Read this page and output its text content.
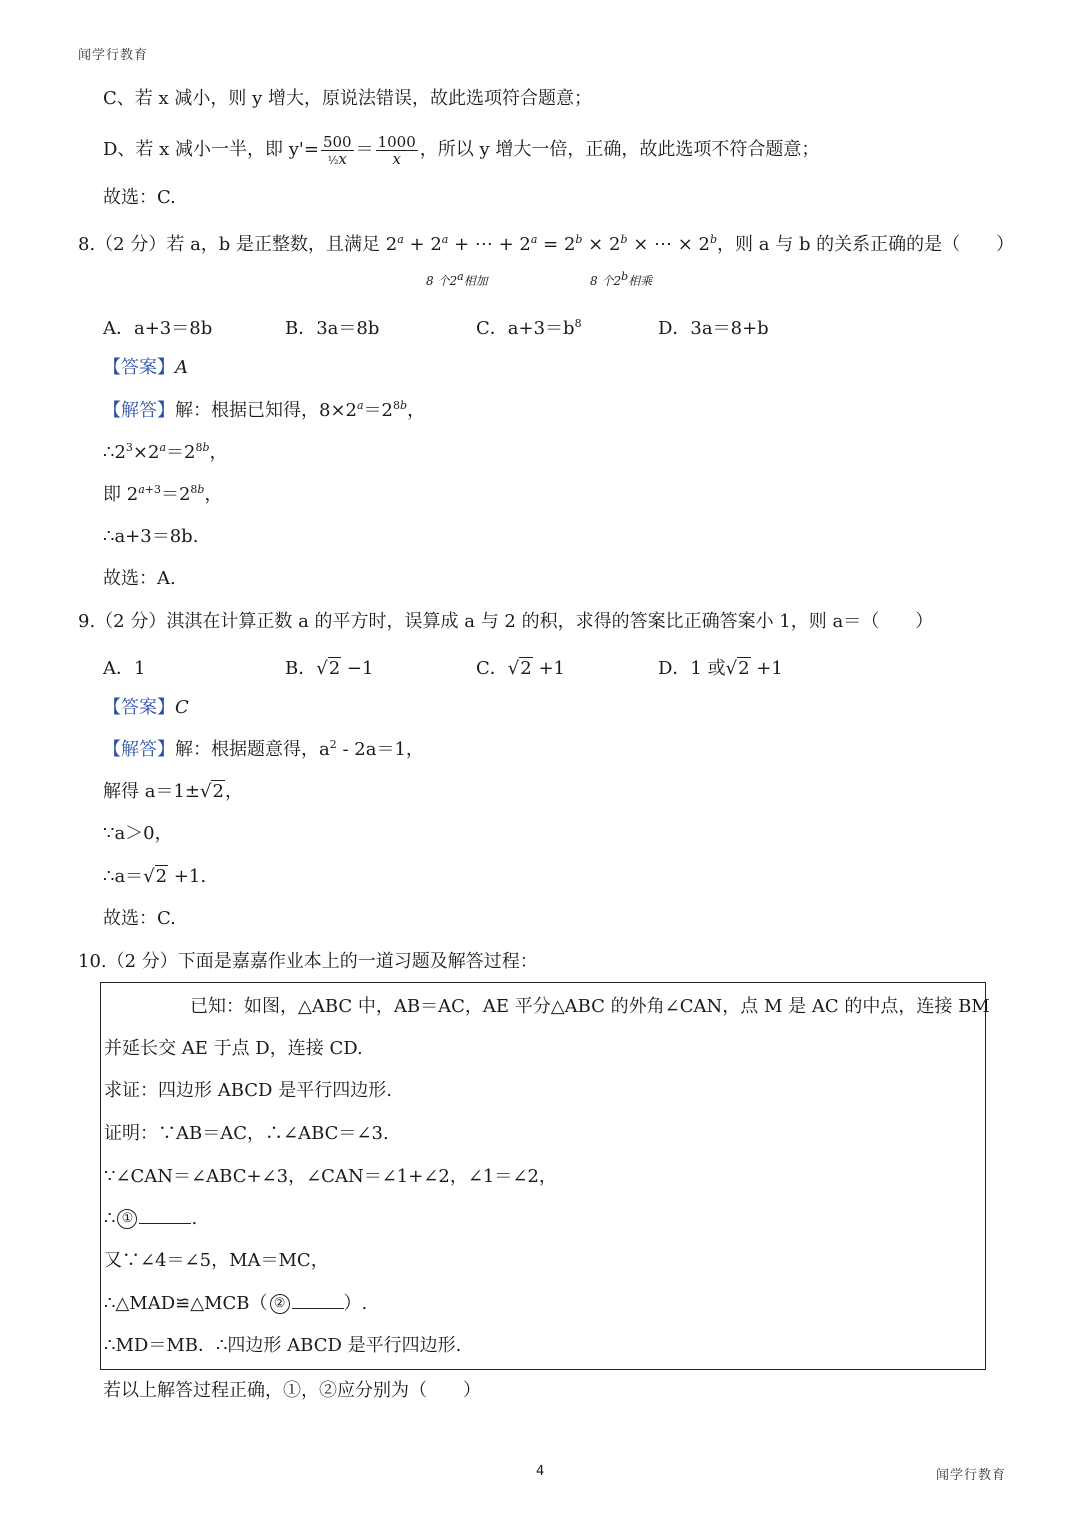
闻学行教育
C、若 x 减小，则 y 增大，原说法错误，故此选项符合题意；
D、若 x 减小一半，即 $y'= \frac{500}{\text{½x}} = \frac{1000}{x}$ ，所以 y 增大一倍，正确，故此选项不符合题意；
故选：C.
8.（2 分）若 a，b 是正整数，且满足 $2^a + 2^a$ + ⋯ + $2^a = 2^b \times 2^b$ × ⋯ × $2^b$，则 a 与 b 的关系正确的是（　　）
8 个2a相加	8 个2b相乘
A．a+3＝8b	B．3a＝8b	C．$a+3=b^8$	D．3a＝8+b
【答案】A
【解答】解：根据已知得，$8\times 2^a=2^{8b}$，
$\therefore 2^3\times 2^a=2^{8b}$，
即 $2^{a+3}=2^{8b}$，
∴a+3＝8b.
故选：A.
9.（2 分）淇淇在计算正数 a 的平方时，误算成 a 与 2 的积，求得的答案比正确答案小 1，则 a＝（　　）
A．1	B．√2 −1	C．√2 +1	D．1 或√2 +1
【答案】C
【解答】解：根据题意得，$a^2 - 2a=1$，
解得 a＝1±√2，
∵a＞0，
∴a＝√2 +1.
故选：C.
10.（2 分）下面是嘉嘉作业本上的一道习题及解答过程：
已知：如图，△ABC 中，AB＝AC，AE 平分△ABC 的外角∠CAN，点 M 是 AC 的中点，连接 BM
并延长交 AE 于点 D，连接 CD.
求证：四边形 ABCD 是平行四边形.
证明：∵AB＝AC，∴∠ABC＝∠3.
∵∠CAN＝∠ABC+∠3，∠CAN＝∠1+∠2，∠1＝∠2，
∴ ①	.
又∵∠4＝∠5，MA＝MC，
∴△MAD≌△MCB（ ②	）.
∴MD＝MB．∴四边形 ABCD 是平行四边形.
若以上解答过程正确，①，②应分别为（　　）
4	闻学行教育
